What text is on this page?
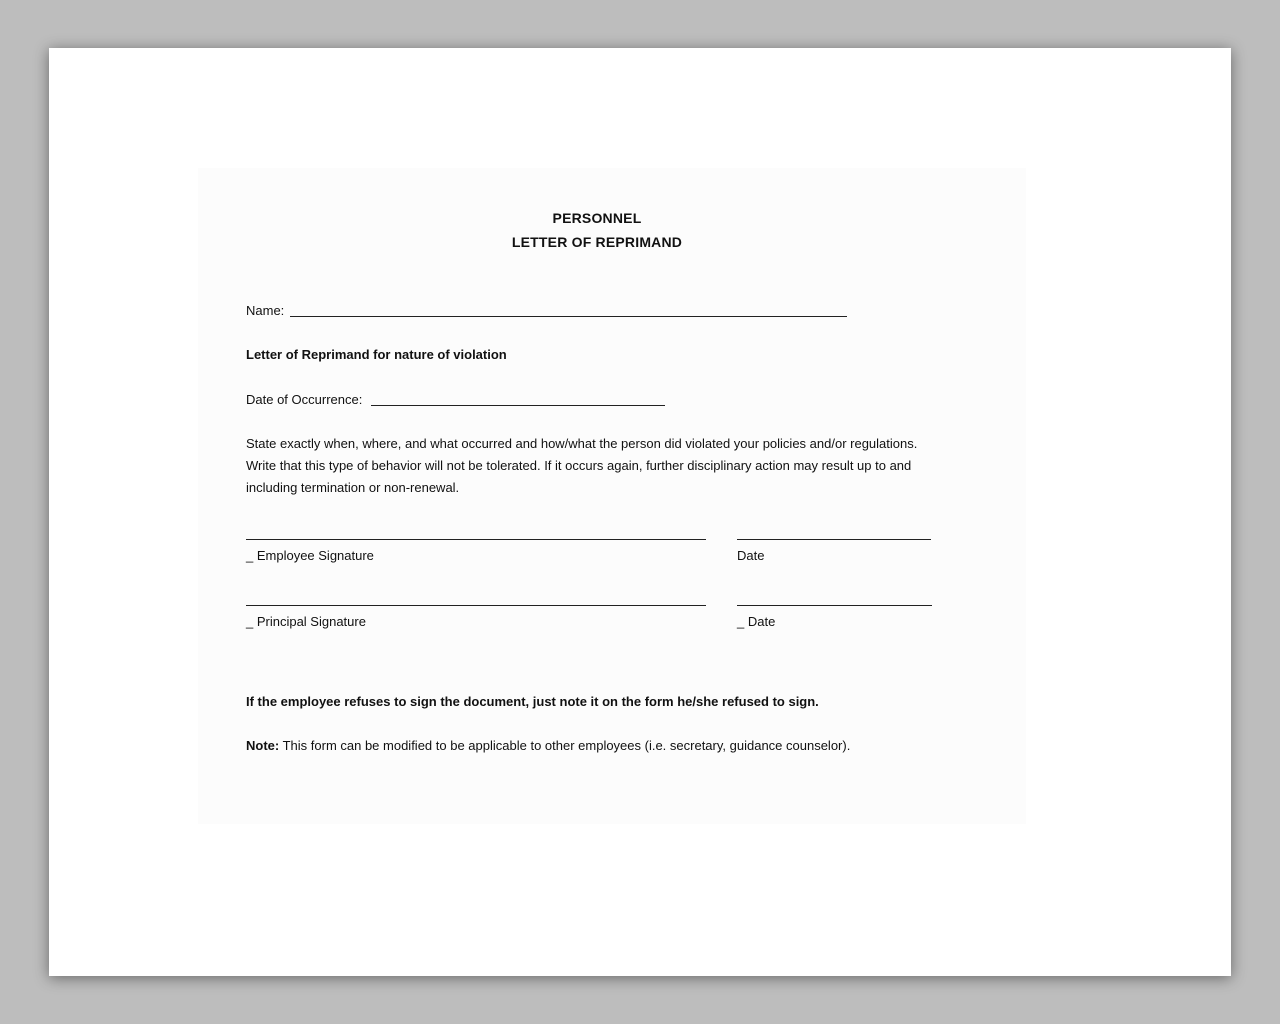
PERSONNEL
LETTER OF REPRIMAND
Name:
Letter of Reprimand for nature of violation
Date of Occurrence:
State exactly when, where, and what occurred and how/what the person did violated your policies and/or regulations.
Write that this type of behavior will not be tolerated. If it occurs again, further disciplinary action may result up to and
including termination or non-renewal.
_ Employee Signature	Date
_ Principal Signature	_ Date
If the employee refuses to sign the document, just note it on the form he/she refused to sign.
Note: This form can be modified to be applicable to other employees (i.e. secretary, guidance counselor).
